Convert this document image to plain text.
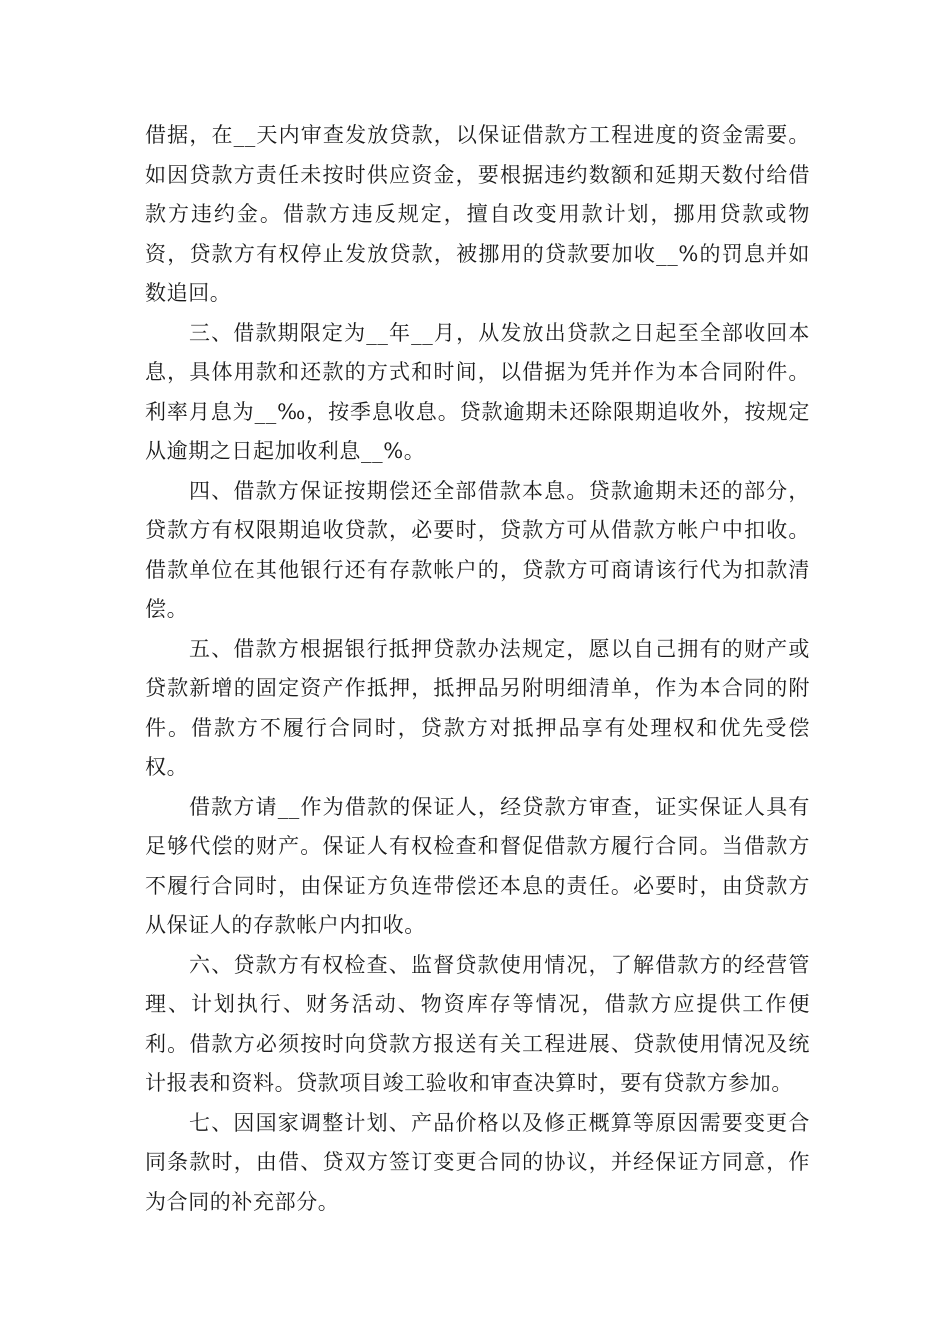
借据，在__天内审查发放贷款，以保证借款方工程进度的资金需要。如因贷款方责任未按时供应资金，要根据违约数额和延期天数付给借款方违约金。借款方违反规定，擅自改变用款计划，挪用贷款或物资，贷款方有权停止发放贷款，被挪用的贷款要加收__%的罚息并如数追回。

三、借款期限定为__年__月，从发放出贷款之日起至全部收回本息，具体用款和还款的方式和时间，以借据为凭并作为本合同附件。利率月息为__‰，按季息收息。贷款逾期未还除限期追收外，按规定从逾期之日起加收利息__%。

四、借款方保证按期偿还全部借款本息。贷款逾期未还的部分，贷款方有权限期追收贷款，必要时，贷款方可从借款方帐户中扣收。借款单位在其他银行还有存款帐户的，贷款方可商请该行代为扣款清偿。

五、借款方根据银行抵押贷款办法规定，愿以自己拥有的财产或贷款新增的固定资产作抵押，抵押品另附明细清单，作为本合同的附件。借款方不履行合同时，贷款方对抵押品享有处理权和优先受偿权。

借款方请__作为借款的保证人，经贷款方审查，证实保证人具有足够代偿的财产。保证人有权检查和督促借款方履行合同。当借款方不履行合同时，由保证方负连带偿还本息的责任。必要时，由贷款方从保证人的存款帐户内扣收。

六、贷款方有权检查、监督贷款使用情况，了解借款方的经营管理、计划执行、财务活动、物资库存等情况，借款方应提供工作便利。借款方必须按时向贷款方报送有关工程进展、贷款使用情况及统计报表和资料。贷款项目竣工验收和审查决算时，要有贷款方参加。

七、因国家调整计划、产品价格以及修正概算等原因需要变更合同条款时，由借、贷双方签订变更合同的协议，并经保证方同意，作为合同的补充部分。
